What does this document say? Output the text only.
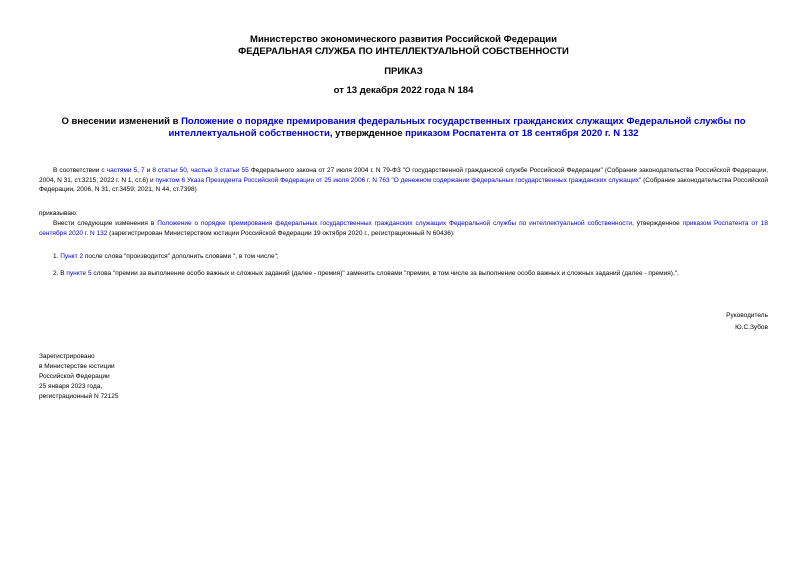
Министерство экономического развития Российской Федерации
ФЕДЕРАЛЬНАЯ СЛУЖБА ПО ИНТЕЛЛЕКТУАЛЬНОЙ СОБСТВЕННОСТИ
ПРИКАЗ
от 13 декабря 2022 года N 184
О внесении изменений в Положение о порядке премирования федеральных государственных гражданских служащих Федеральной службы по интеллектуальной собственности, утвержденное приказом Роспатента от 18 сентября 2020 г. N 132
В соответствии с частями 5, 7 и 8 статьи 50, частью 3 статьи 55 Федерального закона от 27 июля 2004 г. N 79-ФЗ "О государственной гражданской службе Российской Федерации" (Собрание законодательства Российской Федерации, 2004, N 31, ст.3215; 2022 г. N 1, ст.6) и пунктом 6 Указа Президента Российской Федерации от 25 июля 2006 г. N 763 "О денежном содержании федеральных государственных гражданских служащих" (Собрание законодательства Российской Федерации, 2006, N 31, ст.3459; 2021, N 44, ст.7398)
приказываю:
Внести следующие изменения в Положение о порядке премирования федеральных государственных гражданских служащих Федеральной службы по интеллектуальной собственности, утвержденное приказом Роспатента от 18 сентября 2020 г. N 132 (зарегистрирован Министерством юстиции Российской Федерации 19 октября 2020 г., регистрационный N 60436):
1. Пункт 2 после слова "производится" дополнить словами ", в том числе";
2. В пункте 5 слова "премии за выполнение особо важных и сложных заданий (далее - премия)" заменить словами "премии, в том числе за выполнение особо важных и сложных заданий (далее - премия),".
Руководитель
Ю.С.Зубов
Зарегистрировано
в Министерстве юстиции
Российской Федерации
25 января 2023 года,
регистрационный N 72125
